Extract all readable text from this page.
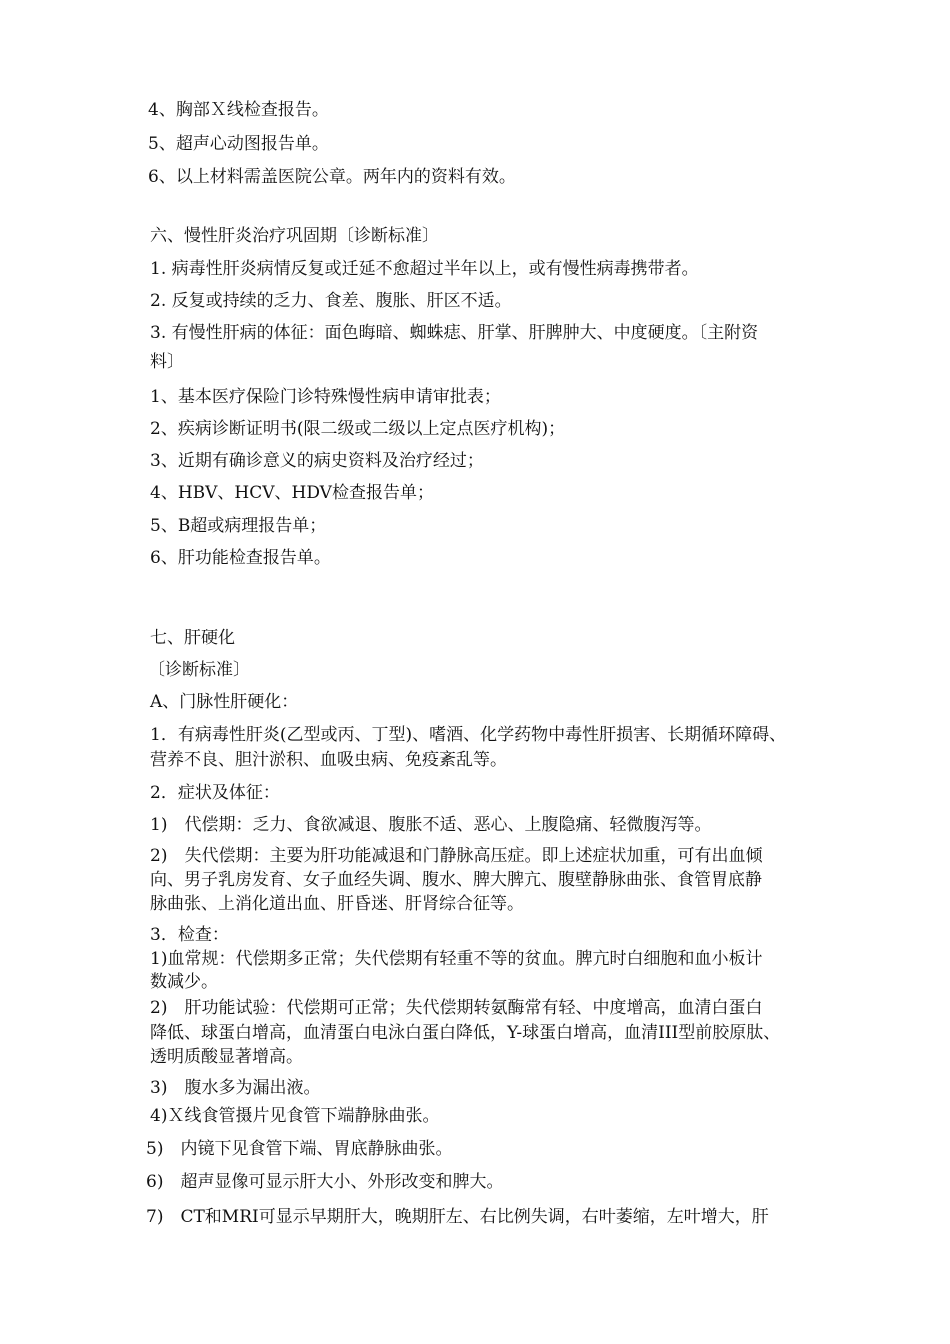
4、胸部Ｘ线检查报告。
5、超声心动图报告单。
6、以上材料需盖医院公章。两年内的资料有效。
六、慢性肝炎治疗巩固期〔诊断标准〕
1. 病毒性肝炎病情反复或迁延不愈超过半年以上，或有慢性病毒携带者。
2. 反复或持续的乏力、食差、腹胀、肝区不适。
3. 有慢性肝病的体征：面色晦暗、蜘蛛痣、肝掌、肝脾肿大、中度硬度。〔主附资
料〕
1、基本医疗保险门诊特殊慢性病申请审批表；
2、疾病诊断证明书(限二级或二级以上定点医疗机构)；
3、近期有确诊意义的病史资料及治疗经过；
4、HBV、HCV、HDV检查报告单；
5、B超或病理报告单；
6、肝功能检查报告单。
七、肝硬化
〔诊断标准〕
A、门脉性肝硬化：
1．有病毒性肝炎(乙型或丙、丁型)、嗜酒、化学药物中毒性肝损害、长期循环障碍、
营养不良、胆汁淤积、血吸虫病、免疫紊乱等。
2．症状及体征：
1)　代偿期：乏力、食欲减退、腹胀不适、恶心、上腹隐痛、轻微腹泻等。
2)　失代偿期：主要为肝功能减退和门静脉高压症。即上述症状加重，可有出血倾
向、男子乳房发育、女子血经失调、腹水、脾大脾亢、腹壁静脉曲张、食管胃底静
脉曲张、上消化道出血、肝昏迷、肝肾综合征等。
3．检查：
1)血常规：代偿期多正常；失代偿期有轻重不等的贫血。脾亢时白细胞和血小板计
数减少。
2)　肝功能试验：代偿期可正常；失代偿期转氨酶常有轻、中度增高，血清白蛋白
降低、球蛋白增高，血清蛋白电泳白蛋白降低，Y-球蛋白增高，血清III型前胶原肽、
透明质酸显著增高。
3)　腹水多为漏出液。
4)Ｘ线食管摄片见食管下端静脉曲张。
5)　内镜下见食管下端、胃底静脉曲张。
6)　超声显像可显示肝大小、外形改变和脾大。
7)　CT和MRI可显示早期肝大，晚期肝左、右比例失调，右叶萎缩，左叶增大，肝
